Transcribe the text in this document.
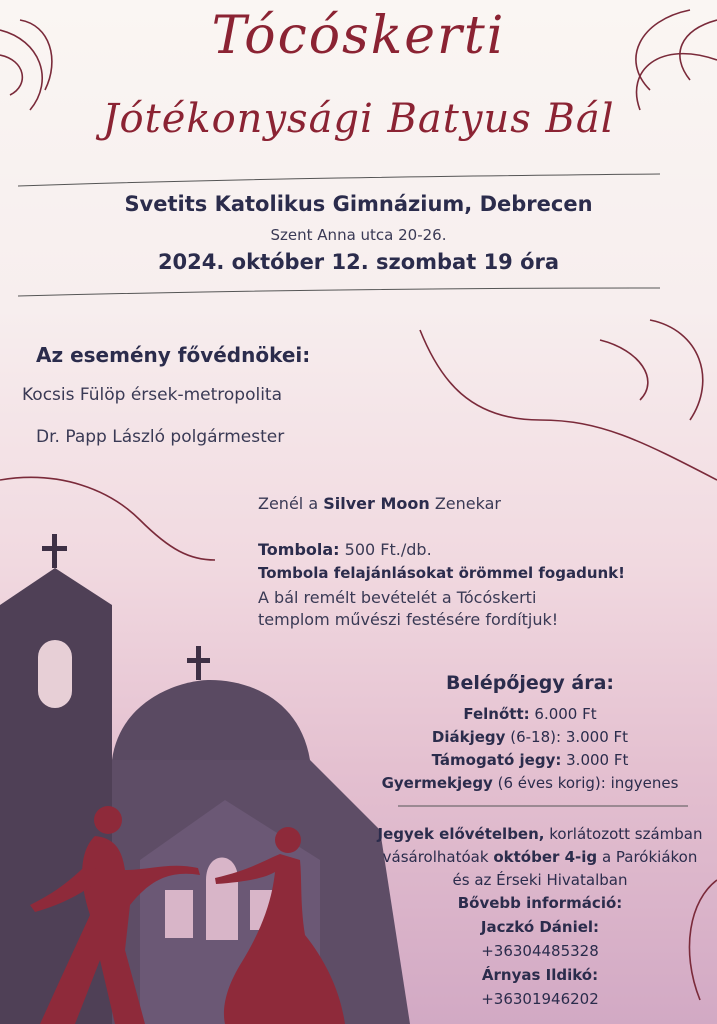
Tócóskerti
Jótékonysági Batyus Bál
Svetits Katolikus Gimnázium, Debrecen
Szent Anna utca 20-26.
2024. október 12. szombat 19 óra
Az esemény fővédnökei:
Kocsis Fülöp érsek-metropolita
Dr. Papp László polgármester
Zenél a Silver Moon Zenekar
Tombola: 500 Ft./db.
Tombola felajánlásokat örömmel fogadunk!
A bál remélt bevételét a Tócóskerti
templom művészi festésére fordítjuk!
Belépőjegy ára:
Felnőtt: 6.000 Ft
Diákjegy (6-18): 3.000 Ft
Támogató jegy: 3.000 Ft
Gyermekjegy (6 éves korig): ingyenes
Jegyek elővételben, korlátozott számban
vásárolhatóak október 4-ig a Parókiákon
és az Érseki Hivatalban
Bővebb információ:
Jaczkó Dániel:
+36304485328
Árnyas Ildikó:
+36301946202
